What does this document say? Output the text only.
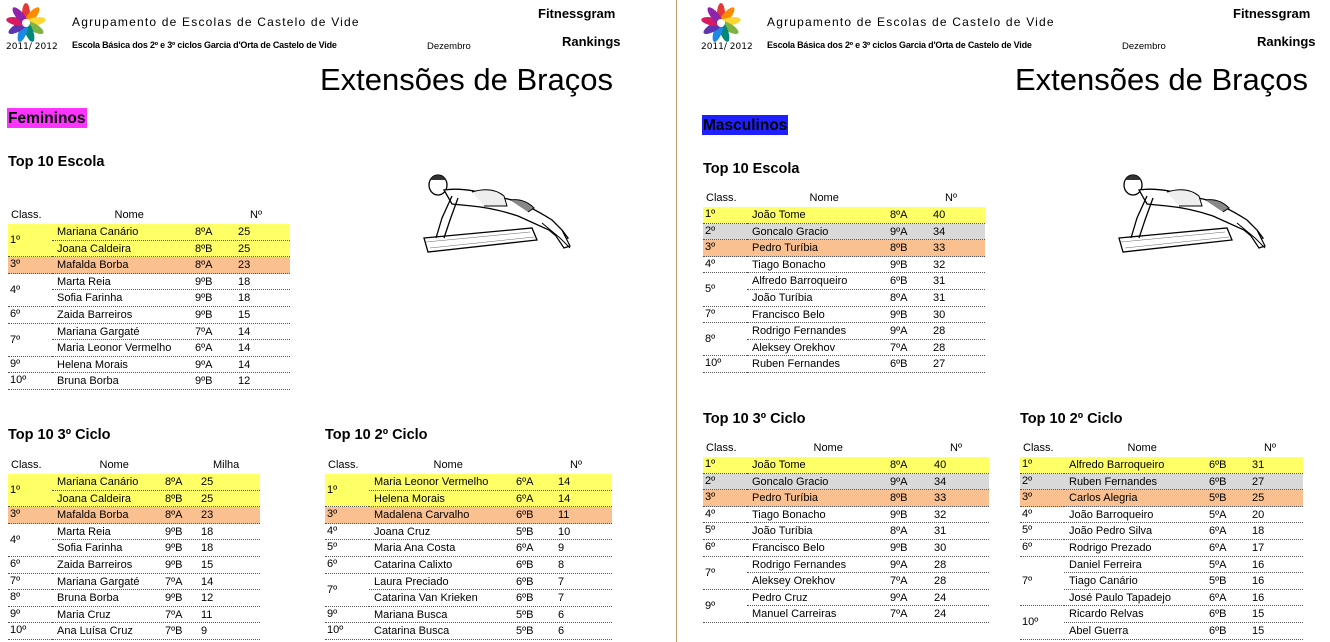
2011/ 2012
Agrupamento de Escolas de Castelo de Vide
Escola Básica dos 2º e 3º ciclos Garcia d'Orta de Castelo de Vide	Dezembro
Fitnessgram
Rankings
Extensões de Braços
Femininos
Top 10 Escola
Class.	Nome	Nº
1º
Mariana Canário	8ºA 25
Joana Caldeira	8ºB 25
3º	Mafalda Borba	8ºA 23
4º
Marta Reia	9ºB 18
Sofia Farinha	9ºB 18
6º	Zaida Barreiros	9ºB 15
7º
Mariana Gargaté	7ºA 14
Maria Leonor Vermelho 6ºA 14
9º	Helena Morais	9ºA 14
10º	Bruna Borba	9ºB 12
Top 10 3º Ciclo
Class.	Nome	Milha
1º
Mariana Canário 8ºA 25
Joana Caldeira	8ºB 25
3º	Mafalda Borba	8ºA 23
4º
Marta Reia	9ºB 18
Sofia Farinha	9ºB 18
6º	Zaida Barreiros	9ºB 15
7º	Mariana Gargaté 7ºA 14
8º	Bruna Borba	9ºB 12
9º	Maria Cruz	7ºA 11
10º	Ana Luísa Cruz	7ºB 9
Top 10 2º Ciclo
Class.	Nome	Nº
1º
Maria Leonor Vermelho	6ºA 14
Helena Morais	6ºA 14
3º	Madalena Carvalho	6ºB 11
4º	Joana Cruz	5ºB 10
5º	Maria Ana Costa	6ºA 9
6º	Catarina Calixto	6ºB 8
7º
Laura Preciado	6ºB 7
Catarina Van Krieken	6ºB 7
9º	Mariana Busca	5ºB 6
10º	Catarina Busca	5ºB 6
2011/ 2012
Agrupamento de Escolas de Castelo de Vide
Escola Básica dos 2º e 3º ciclos Garcia d'Orta de Castelo de Vide	Dezembro
Fitnessgram
Rankings
Extensões de Braços
Masculinos
Top 10 Escola
Class.	Nome	Nº
1º	João Tome	8ºA 40
2º	Goncalo Gracio	9ºA 34
3º	Pedro Turíbia	8ºB 33
4º	Tiago Bonacho	9ºB 32
5º
Alfredo Barroqueiro	6ºB 31
João Turíbia	8ºA 31
7º	Francisco Belo	9ºB 30
8º
Rodrigo Fernandes	9ºA 28
Aleksey Orekhov	7ºA 28
10º	Ruben Fernandes	6ºB 27
Top 10 3º Ciclo
Class.	Nome	Nº
1º	João Tome	8ºA 40
2º	Goncalo Gracio	9ºA 34
3º	Pedro Turíbia	8ºB 33
4º	Tiago Bonacho	9ºB 32
5º	João Turíbia	8ºA 31
6º	Francisco Belo	9ºB 30
7º
Rodrigo Fernandes	9ºA 28
Aleksey Orekhov	7ºA 28
9º
Pedro Cruz	9ºA 24
Manuel Carreiras	7ºA 24
Top 10 2º Ciclo
Class.	Nome	Nº
1º	Alfredo Barroqueiro	6ºB 31
2º	Ruben Fernandes	6ºB 27
3º	Carlos Alegria	5ºB 25
4º	João Barroqueiro	5ºA 20
5º	João Pedro Silva	6ºA 18
6º	Rodrigo Prezado	6ºA 17
7º
Daniel Ferreira	5ºA 16
Tiago Canário	5ºB 16
José Paulo Tapadejo	6ºA 16
10º
Ricardo Relvas	6ºB 15
Abel Guerra	6ºB 15
